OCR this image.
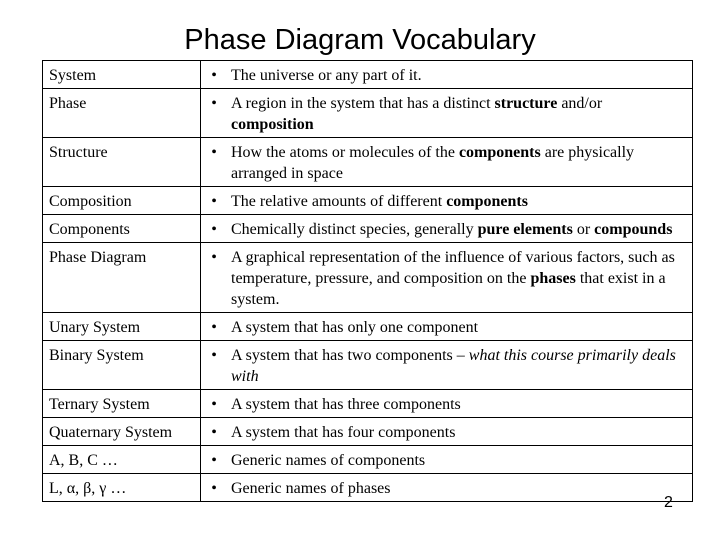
Phase Diagram Vocabulary
System	•	The universe or any part of it.
Phase	•	A region in the system that has a distinct structure and/or composition
Structure	•	How the atoms or molecules of the components are physically arranged in space
Composition	•	The relative amounts of different components
Components	•	Chemically distinct species, generally pure elements or compounds
Phase Diagram	•	A graphical representation of the influence of various factors, such as temperature, pressure, and composition on the phases that exist in a system.
Unary System	•	A system that has only one component
Binary System	•	A system that has two components – what this course primarily deals with
Ternary System	•	A system that has three components
Quaternary System	•	A system that has four components
A, B, C …	•	Generic names of components
L, α, β, γ …	•	Generic names of phases
2
